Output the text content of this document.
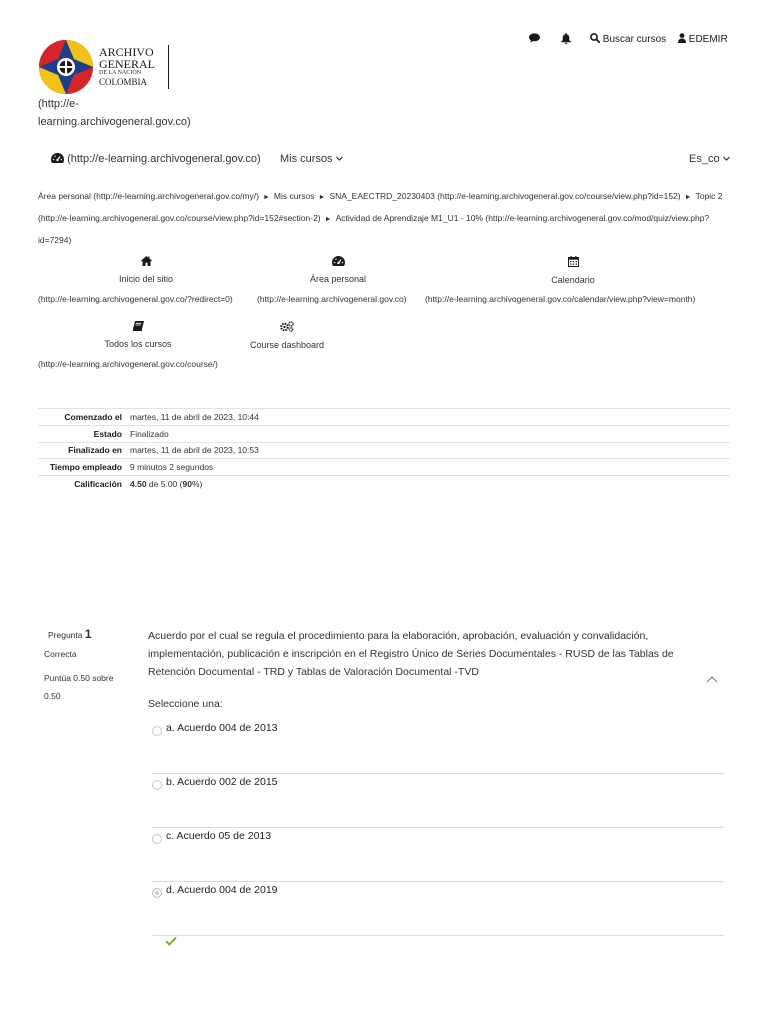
ARCHIVO
GENERAL
DE LA NACIÓN
COLOMBIA
Buscar cursos	EDEMIR
(http://e-
learning.archivogeneral.gov.co)
(http://e-learning.archivogeneral.gov.co) Mis cursos	Es_co
Área personal (http://e-learning.archivogeneral.gov.co/my/) ► Mis cursos ► SNA_EAECTRD_20230403 (http://e-learning.archivogeneral.gov.co/course/view.php?id=152) ► Topic 2 (http://e-learning.archivogeneral.gov.co/course/view.php?id=152#section-2) ► Actividad de Aprendizaje M1_U1 - 10% (http://e-learning.archivogeneral.gov.co/mod/quiz/view.php?id=7294)
Inicio del sitio
(http://e-learning.archivogeneral.gov.co/?redirect=0)
Área personal
(http://e-learning.archivogeneral.gov.co)
Calendario
(http://e-learning.archivogeneral.gov.co/calendar/view.php?view=month)
Todos los cursos
(http://e-learning.archivogeneral.gov.co/course/)
Course dashboard
Comenzado el martes, 11 de abril de 2023, 10:44
Estado Finalizado
Finalizado en martes, 11 de abril de 2023, 10:53
Tiempo empleado 9 minutos 2 segundos
Calificación 4.50 de 5.00 (90%)
Pregunta 1
Correcta
Puntúa 0.50 sobre
0.50
Acuerdo por el cual se regula el procedimiento para la elaboración, aprobación, evaluación y convalidación, implementación, publicación e inscripción en el Registro Único de Series Documentales - RUSD de las Tablas de Retención Documental - TRD y Tablas de Valoración Documental -TVD
Seleccione una:
a. Acuerdo 004 de 2013
b. Acuerdo 002 de 2015
c. Acuerdo 05 de 2013
d. Acuerdo 004 de 2019
